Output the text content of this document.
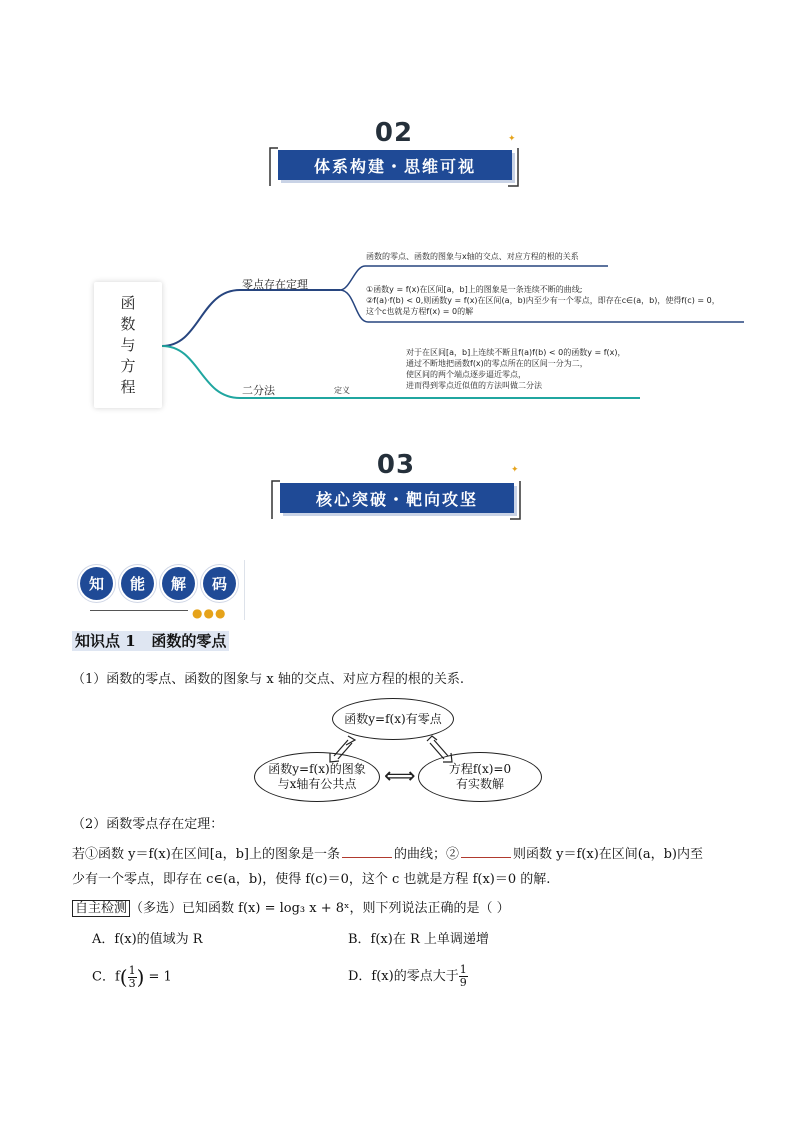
02
体系构建・思维可视
✦
函
数
与
方
程
零点存在定理
函数的零点、函数的图象与x轴的交点、对应方程的根的关系
①函数y = f(x)在区间[a，b]上的图象是一条连续不断的曲线;
②f(a)·f(b) < 0,则函数y = f(x)在区间(a，b)内至少有一个零点，即存在c∈(a，b)，使得f(c) = 0，
这个c也就是方程f(x) = 0的解
二分法	定义
对于在区间[a，b]上连续不断且f(a)f(b) < 0的函数y = f(x)，
通过不断地把函数f(x)的零点所在的区间一分为二，
使区间的两个端点逐步逼近零点，
进而得到零点近似值的方法叫做二分法
03
核心突破・靶向攻坚
✦
知	能	解	码
●●●
知识点 1 函数的零点
（1）函数的零点、函数的图象与 x 轴的交点、对应方程的根的关系.
函数y=f(x)有零点
函数y=f(x)的图象
与x轴有公共点
方程f(x)=0
有实数解
⟺
（2）函数零点存在定理：
若①函数 y＝f(x)在区间[a，b]上的图象是一条	的曲线；②	则函数 y＝f(x)在区间(a，b)内至
少有一个零点，即存在 c∈(a，b)，使得 f(c)＝0，这个 c 也就是方程 f(x)＝0 的解.
自主检测 （多选）已知函数 f(x) = log₃ x + 8ˣ，则下列说法正确的是（ ）
A．f(x)的值域为 R	B．f(x)在 R 上单调递增
C．$f( \frac{1}{3}$ ) = 1	D．f(x)的零点大于 $\frac{1}{9}$
